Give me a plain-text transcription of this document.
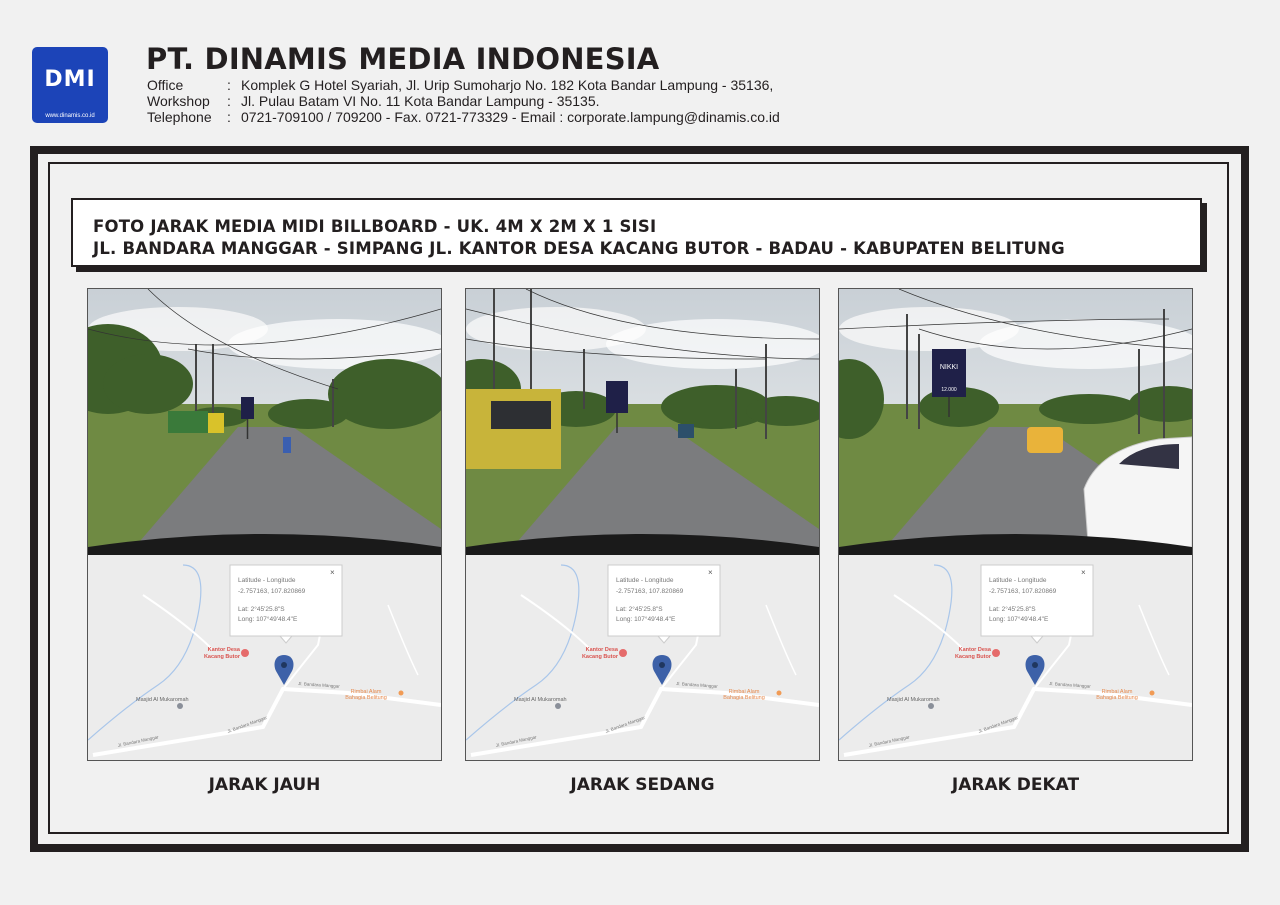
DMI
www.dinamis.co.id
PT. DINAMIS MEDIA INDONESIA
Office	: Komplek G Hotel Syariah, Jl. Urip Sumoharjo No. 182 Kota Bandar Lampung - 35136,
Workshop	: Jl. Pulau Batam VI No. 11 Kota Bandar Lampung - 35135.
Telephone	: 0721-709100 / 709200 - Fax. 0721-773329 - Email : corporate.lampung@dinamis.co.id
FOTO JARAK MEDIA MIDI BILLBOARD - UK. 4M X 2M X 1 SISI
JL. BANDARA MANGGAR - SIMPANG JL. KANTOR DESA KACANG BUTOR - BADAU - KABUPATEN BELITUNG
Latitude - Longitude
-2.757163, 107.820869
Lat: 2°45'25.8"S
Long: 107°49'48.4"E
×
Kantor Desa
Kacang Butor
Masjid Al Mukaromah
Rimbai Alam
Bahagia Belitung
Jl. Bandara Manggar
Jl. Bandara Manggar
Jl. Bandara Manggar
Latitude - Longitude
-2.757163, 107.820869
Lat: 2°45'25.8"S
Long: 107°49'48.4"E
×
Kantor Desa
Kacang Butor
Masjid Al Mukaromah
Rimbai Alam
Bahagia Belitung
Jl. Bandara Manggar
Jl. Bandara Manggar
Jl. Bandara Manggar
NIKKI
12.000
Latitude - Longitude
-2.757163, 107.820869
Lat: 2°45'25.8"S
Long: 107°49'48.4"E
×
Kantor Desa
Kacang Butor
Masjid Al Mukaromah
Rimbai Alam
Bahagia Belitung
Jl. Bandara Manggar
Jl. Bandara Manggar
Jl. Bandara Manggar
JARAK JAUH	JARAK SEDANG	JARAK DEKAT
